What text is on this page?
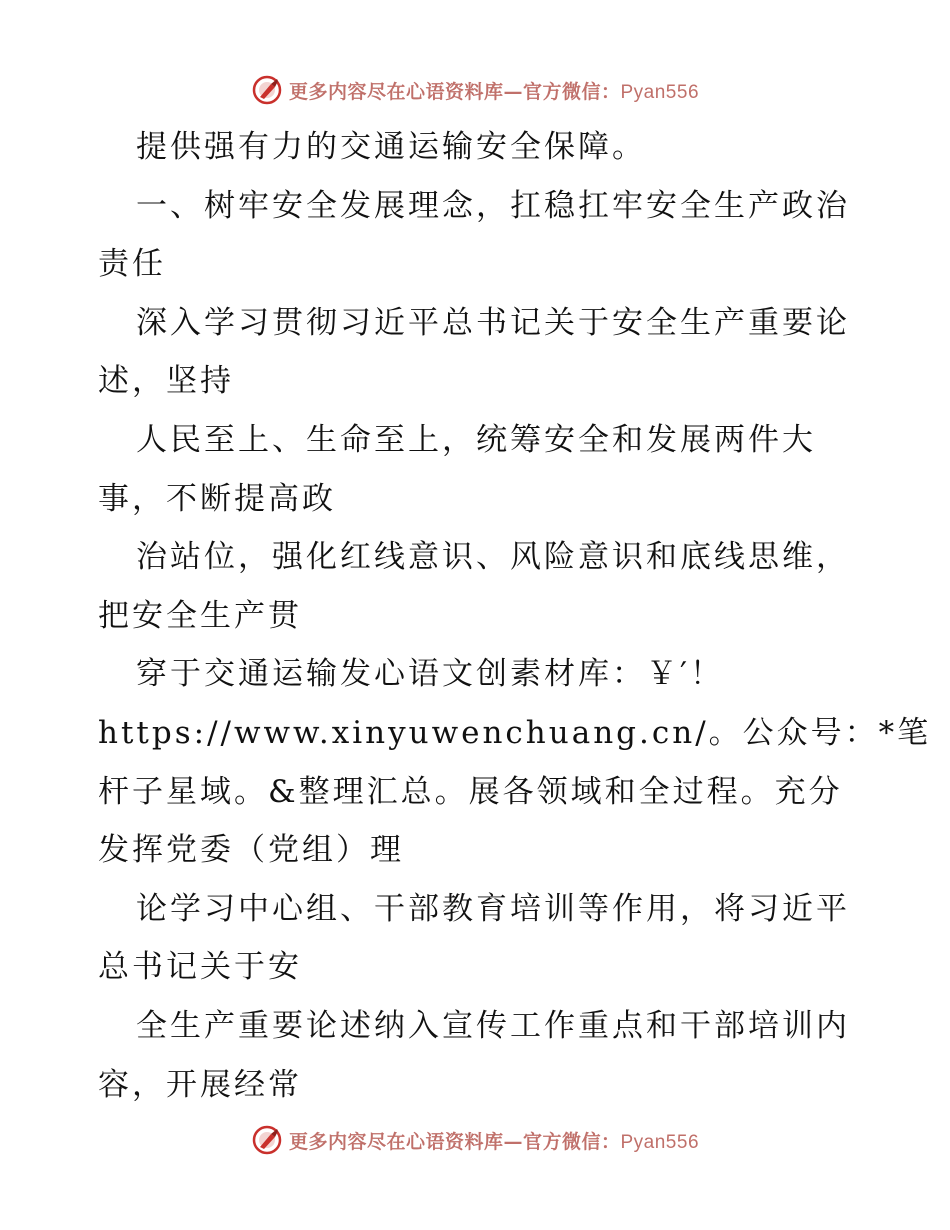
更多内容尽在心语资料库—官方微信：Pyan556
提供强有力的交通运输安全保障。
一、树牢安全发展理念，扛稳扛牢安全生产政治
责任
深入学习贯彻习近平总书记关于安全生产重要论
述，坚持
人民至上、生命至上，统筹安全和发展两件大
事，不断提高政
治站位，强化红线意识、风险意识和底线思维，
把安全生产贯
穿于交通运输发心语文创素材库：￥′！
https://www.xinyuwenchuang.cn/。公众号：*笔
杆子星域。&整理汇总。展各领域和全过程。充分
发挥党委（党组）理
论学习中心组、干部教育培训等作用，将习近平
总书记关于安
全生产重要论述纳入宣传工作重点和干部培训内
容，开展经常
更多内容尽在心语资料库—官方微信：Pyan556
